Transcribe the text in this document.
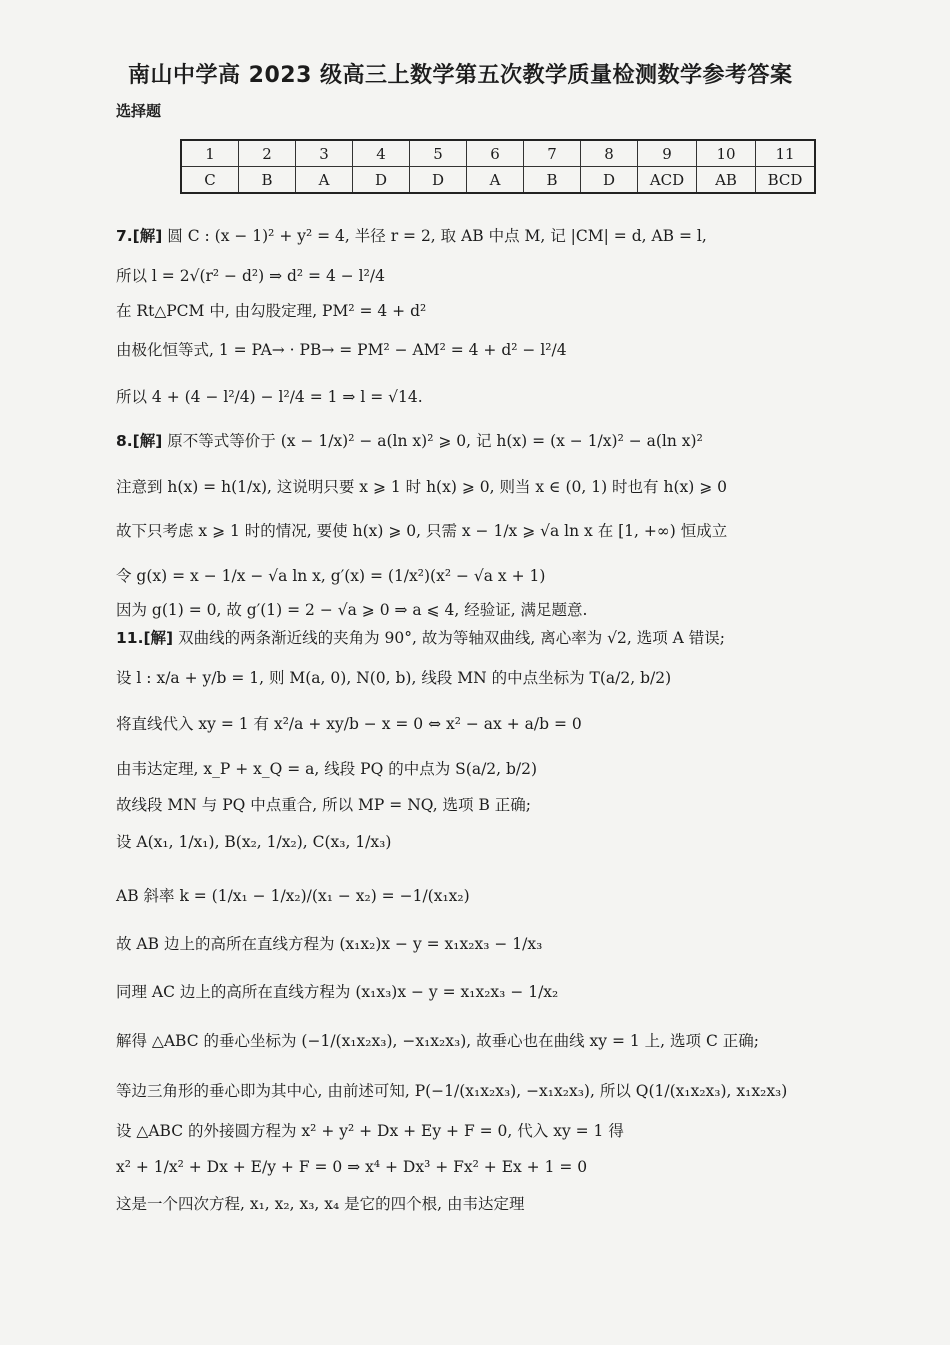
南山中学高 2023 级高三上数学第五次教学质量检测数学参考答案
选择题
1	2	3	4	5	6	7	8	9	10	11
C	B	A	D	D	A	B	D	ACD	AB	BCD
7.[解] 圆 C : (x − 1)² + y² = 4, 半径 r = 2, 取 AB 中点 M, 记 |CM| = d, AB = l,
所以 l = 2√(r² − d²) ⇒ d² = 4 − l²/4
在 Rt△PCM 中, 由勾股定理, PM² = 4 + d²
由极化恒等式, 1 = PA→ · PB→ = PM² − AM² = 4 + d² − l²/4
所以 4 + (4 − l²/4) − l²/4 = 1 ⇒ l = √14.
8.[解] 原不等式等价于 (x − 1/x)² − a(ln x)² ⩾ 0, 记 h(x) = (x − 1/x)² − a(ln x)²
注意到 h(x) = h(1/x), 这说明只要 x ⩾ 1 时 h(x) ⩾ 0, 则当 x ∈ (0, 1) 时也有 h(x) ⩾ 0
故下只考虑 x ⩾ 1 时的情况, 要使 h(x) ⩾ 0, 只需 x − 1/x ⩾ √a ln x 在 [1, +∞) 恒成立
令 g(x) = x − 1/x − √a ln x, g′(x) = (1/x²)(x² − √a x + 1)
因为 g(1) = 0, 故 g′(1) = 2 − √a ⩾ 0 ⇒ a ⩽ 4, 经验证, 满足题意.
11.[解] 双曲线的两条渐近线的夹角为 90°, 故为等轴双曲线, 离心率为 √2, 选项 A 错误;
设 l : x/a + y/b = 1, 则 M(a, 0), N(0, b), 线段 MN 的中点坐标为 T(a/2, b/2)
将直线代入 xy = 1 有 x²/a + xy/b − x = 0 ⇔ x² − ax + a/b = 0
由韦达定理, x_P + x_Q = a, 线段 PQ 的中点为 S(a/2, b/2)
故线段 MN 与 PQ 中点重合, 所以 MP = NQ, 选项 B 正确;
设 A(x₁, 1/x₁), B(x₂, 1/x₂), C(x₃, 1/x₃)
AB 斜率 k = (1/x₁ − 1/x₂)/(x₁ − x₂) = −1/(x₁x₂)
故 AB 边上的高所在直线方程为 (x₁x₂)x − y = x₁x₂x₃ − 1/x₃
同理 AC 边上的高所在直线方程为 (x₁x₃)x − y = x₁x₂x₃ − 1/x₂
解得 △ABC 的垂心坐标为 (−1/(x₁x₂x₃), −x₁x₂x₃), 故垂心也在曲线 xy = 1 上, 选项 C 正确;
等边三角形的垂心即为其中心, 由前述可知, P(−1/(x₁x₂x₃), −x₁x₂x₃), 所以 Q(1/(x₁x₂x₃), x₁x₂x₃)
设 △ABC 的外接圆方程为 x² + y² + Dx + Ey + F = 0, 代入 xy = 1 得
x² + 1/x² + Dx + E/y + F = 0 ⇒ x⁴ + Dx³ + Fx² + Ex + 1 = 0
这是一个四次方程, x₁, x₂, x₃, x₄ 是它的四个根, 由韦达定理
